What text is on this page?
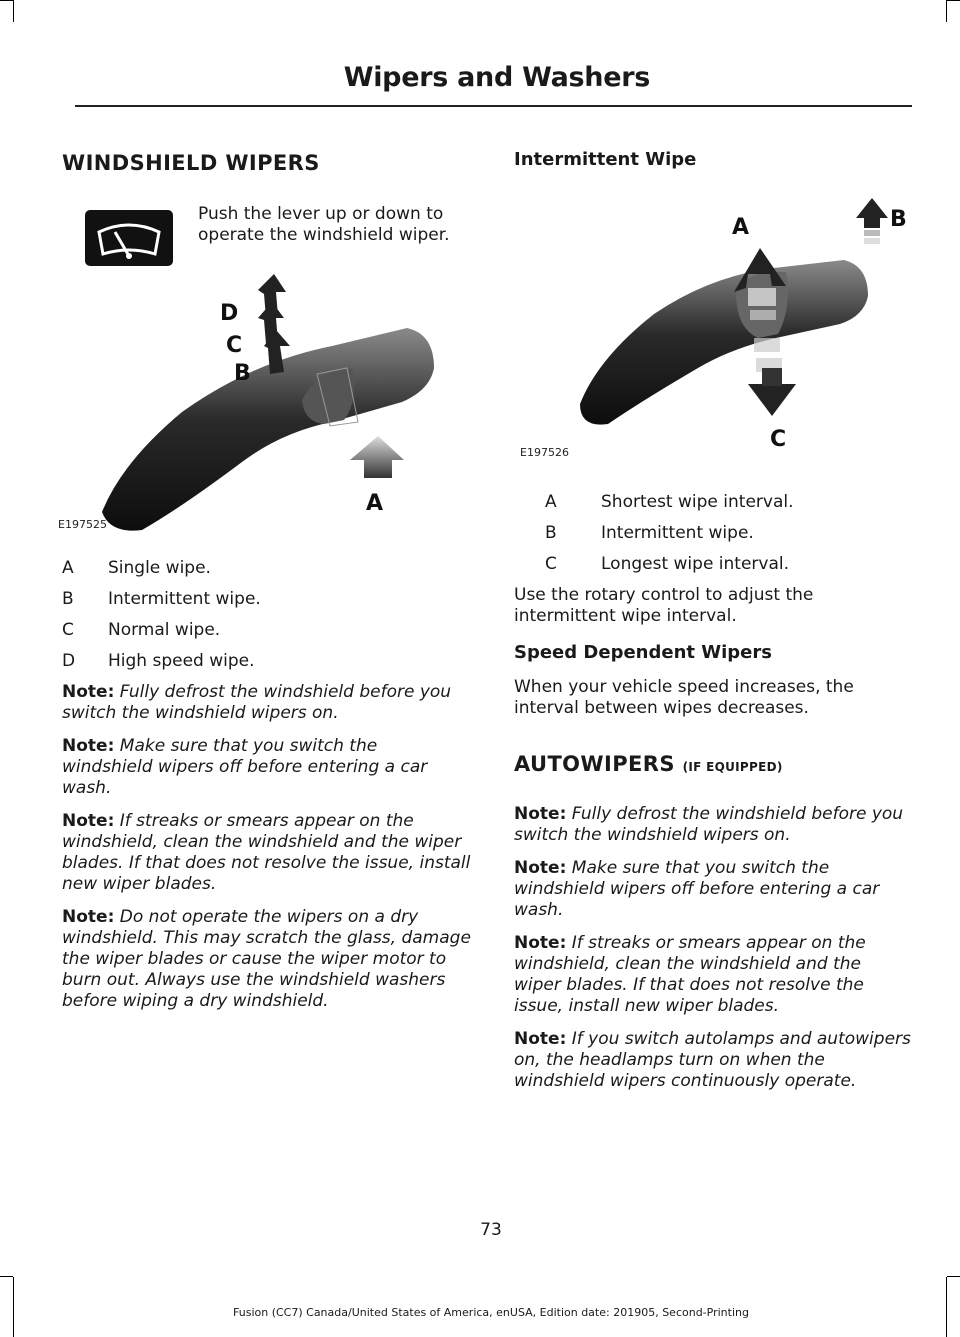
Wipers and Washers
WINDSHIELD WIPERS
Push the lever up or down to operate the windshield wiper.
D
C
B
A
E197525
A	Single wipe.
B	Intermittent wipe.
C	Normal wipe.
D	High speed wipe.

Note: Fully defrost the windshield before you switch the windshield wipers on.

Note: Make sure that you switch the windshield wipers off before entering a car wash.

Note: If streaks or smears appear on the windshield, clean the windshield and the wiper blades. If that does not resolve the issue, install new wiper blades.

Note: Do not operate the wipers on a dry windshield. This may scratch the glass, damage the wiper blades or cause the wiper motor to burn out. Always use the windshield washers before wiping a dry windshield.

Intermittent Wipe
A	B
C
E197526
A	Shortest wipe interval.
B	Intermittent wipe.
C	Longest wipe interval.

Use the rotary control to adjust the intermittent wipe interval.

Speed Dependent Wipers

When your vehicle speed increases, the interval between wipes decreases.

AUTOWIPERS (IF EQUIPPED)

Note: Fully defrost the windshield before you switch the windshield wipers on.

Note: Make sure that you switch the windshield wipers off before entering a car wash.

Note: If streaks or smears appear on the windshield, clean the windshield and the wiper blades. If that does not resolve the issue, install new wiper blades.

Note: If you switch autolamps and autowipers on, the headlamps turn on when the windshield wipers continuously operate.

73
Fusion (CC7) Canada/United States of America, enUSA, Edition date: 201905, Second-Printing
